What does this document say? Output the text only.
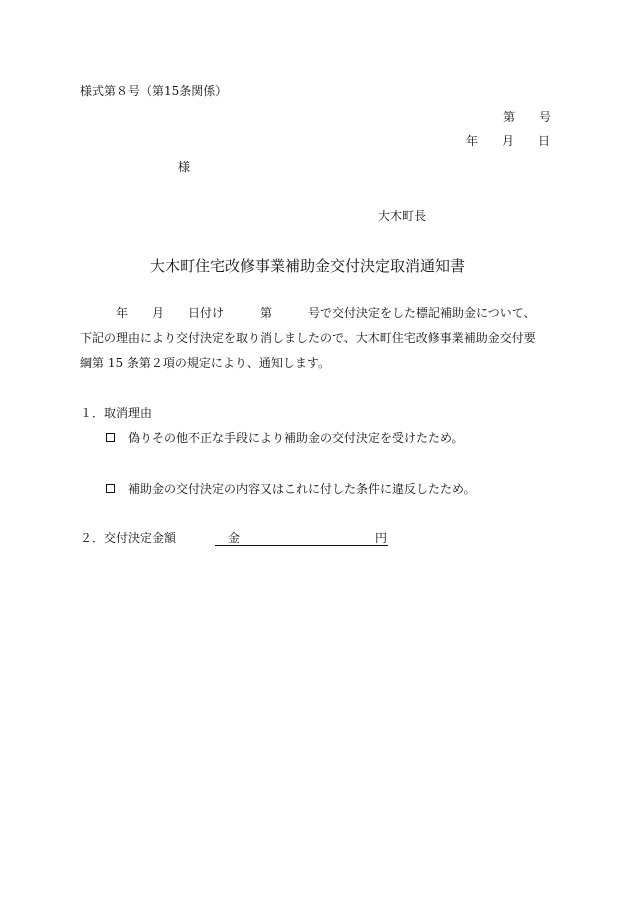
様式第８号（第15条関係）
第　　号
年　　月　　日
様
大木町長
大木町住宅改修事業補助金交付決定取消通知書
年　　月　　日付け　　　第　　　号で交付決定をした標記補助金について、
下記の理由により交付決定を取り消しましたので、大木町住宅改修事業補助金交付要
綱第 15 条第２項の規定により、通知します。
１．取消理由
偽りその他不正な手段により補助金の交付決定を受けたため。
補助金の交付決定の内容又はこれに付した条件に違反したため。
２．交付決定金額	金	円
